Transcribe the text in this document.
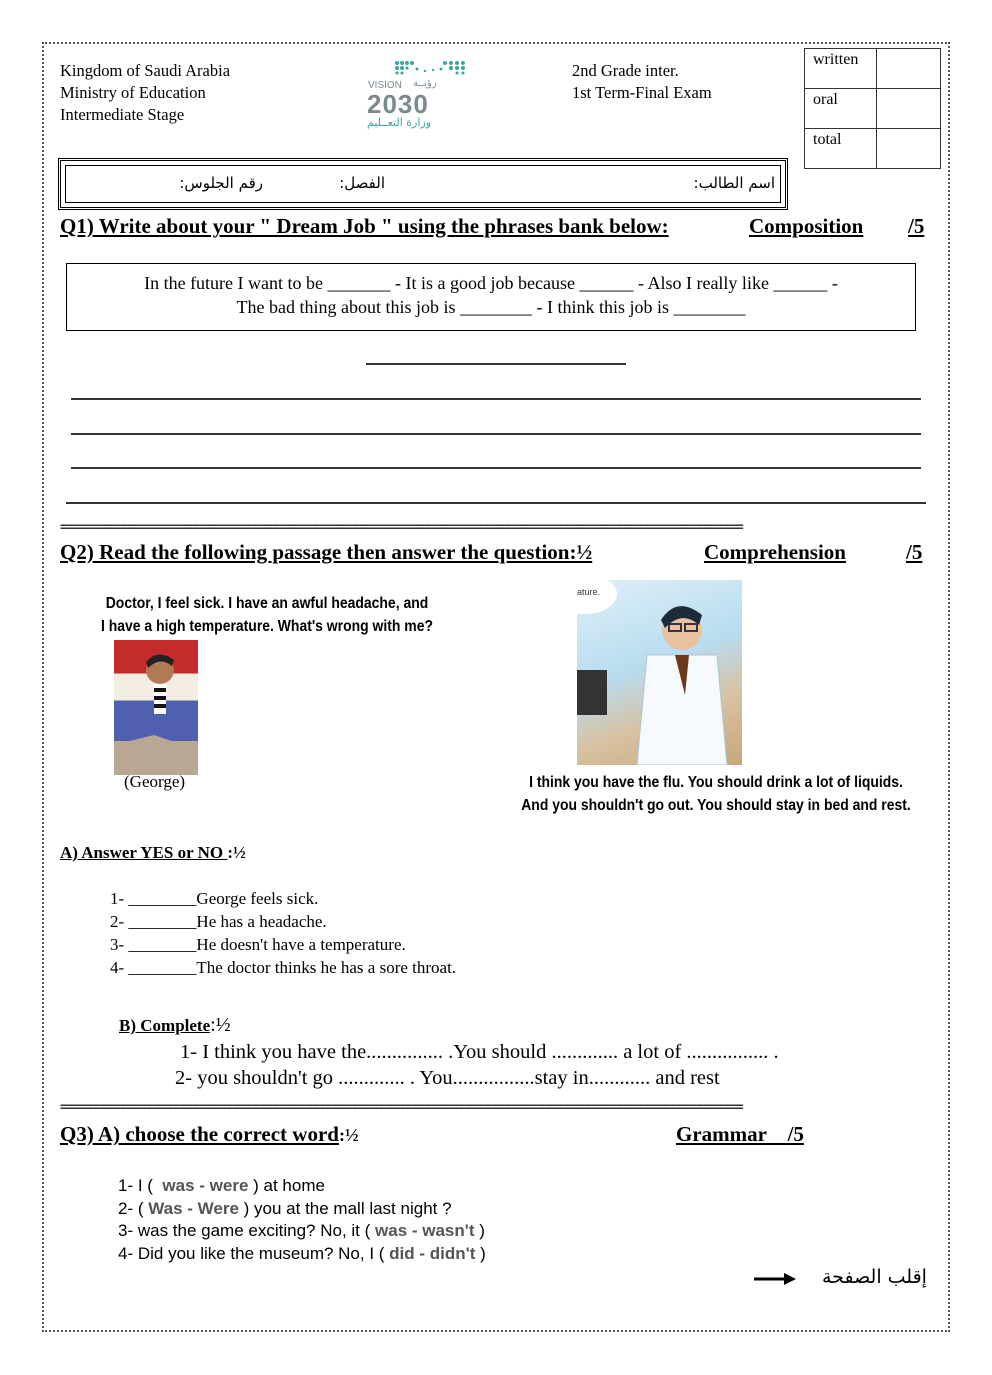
Kingdom of Saudi Arabia
Ministry of Education
Intermediate Stage
VISION رؤيــة
2030
وزارة التعــليم
2nd Grade inter.
1st Term-Final Exam
written	
oral	
total	
اسم الطالب:
الفصل:
رقم الجلوس:
Q1) Write about your " Dream Job " using the phrases bank below:	Composition /5
In the future I want to be _______ - It is a good job because ______ - Also I really like ______ -
The bad thing about this job is ________ - I think this job is ________
=======================================================================================================
Q2) Read the following passage then answer the question:½	Comprehension	/5
Doctor, I feel sick. I have an awful headache, and
I have a high temperature. What's wrong with me?
(George)
ature.
I think you have the flu. You should drink a lot of liquids.
And you shouldn't go out. You should stay in bed and rest.
A) Answer YES or NO :½
1- ________George feels sick.
2- ________He has a headache.
3- ________He doesn't have a temperature.
4- ________The doctor thinks he has a sore throat.
B) Complete:½
1- I think you have the............... .You should ............. a lot of ................ .
2- you shouldn't go ............. . You................stay in............ and rest
=======================================================================================================
Q3) A) choose the correct word:½	Grammar    /5
1- I (  was - were ) at home
2- ( Was - Were ) you at the mall last night ?
3- was the game exciting? No, it ( was - wasn't )
4- Did you like the museum? No, I ( did - didn't )
إقلب الصفحة
